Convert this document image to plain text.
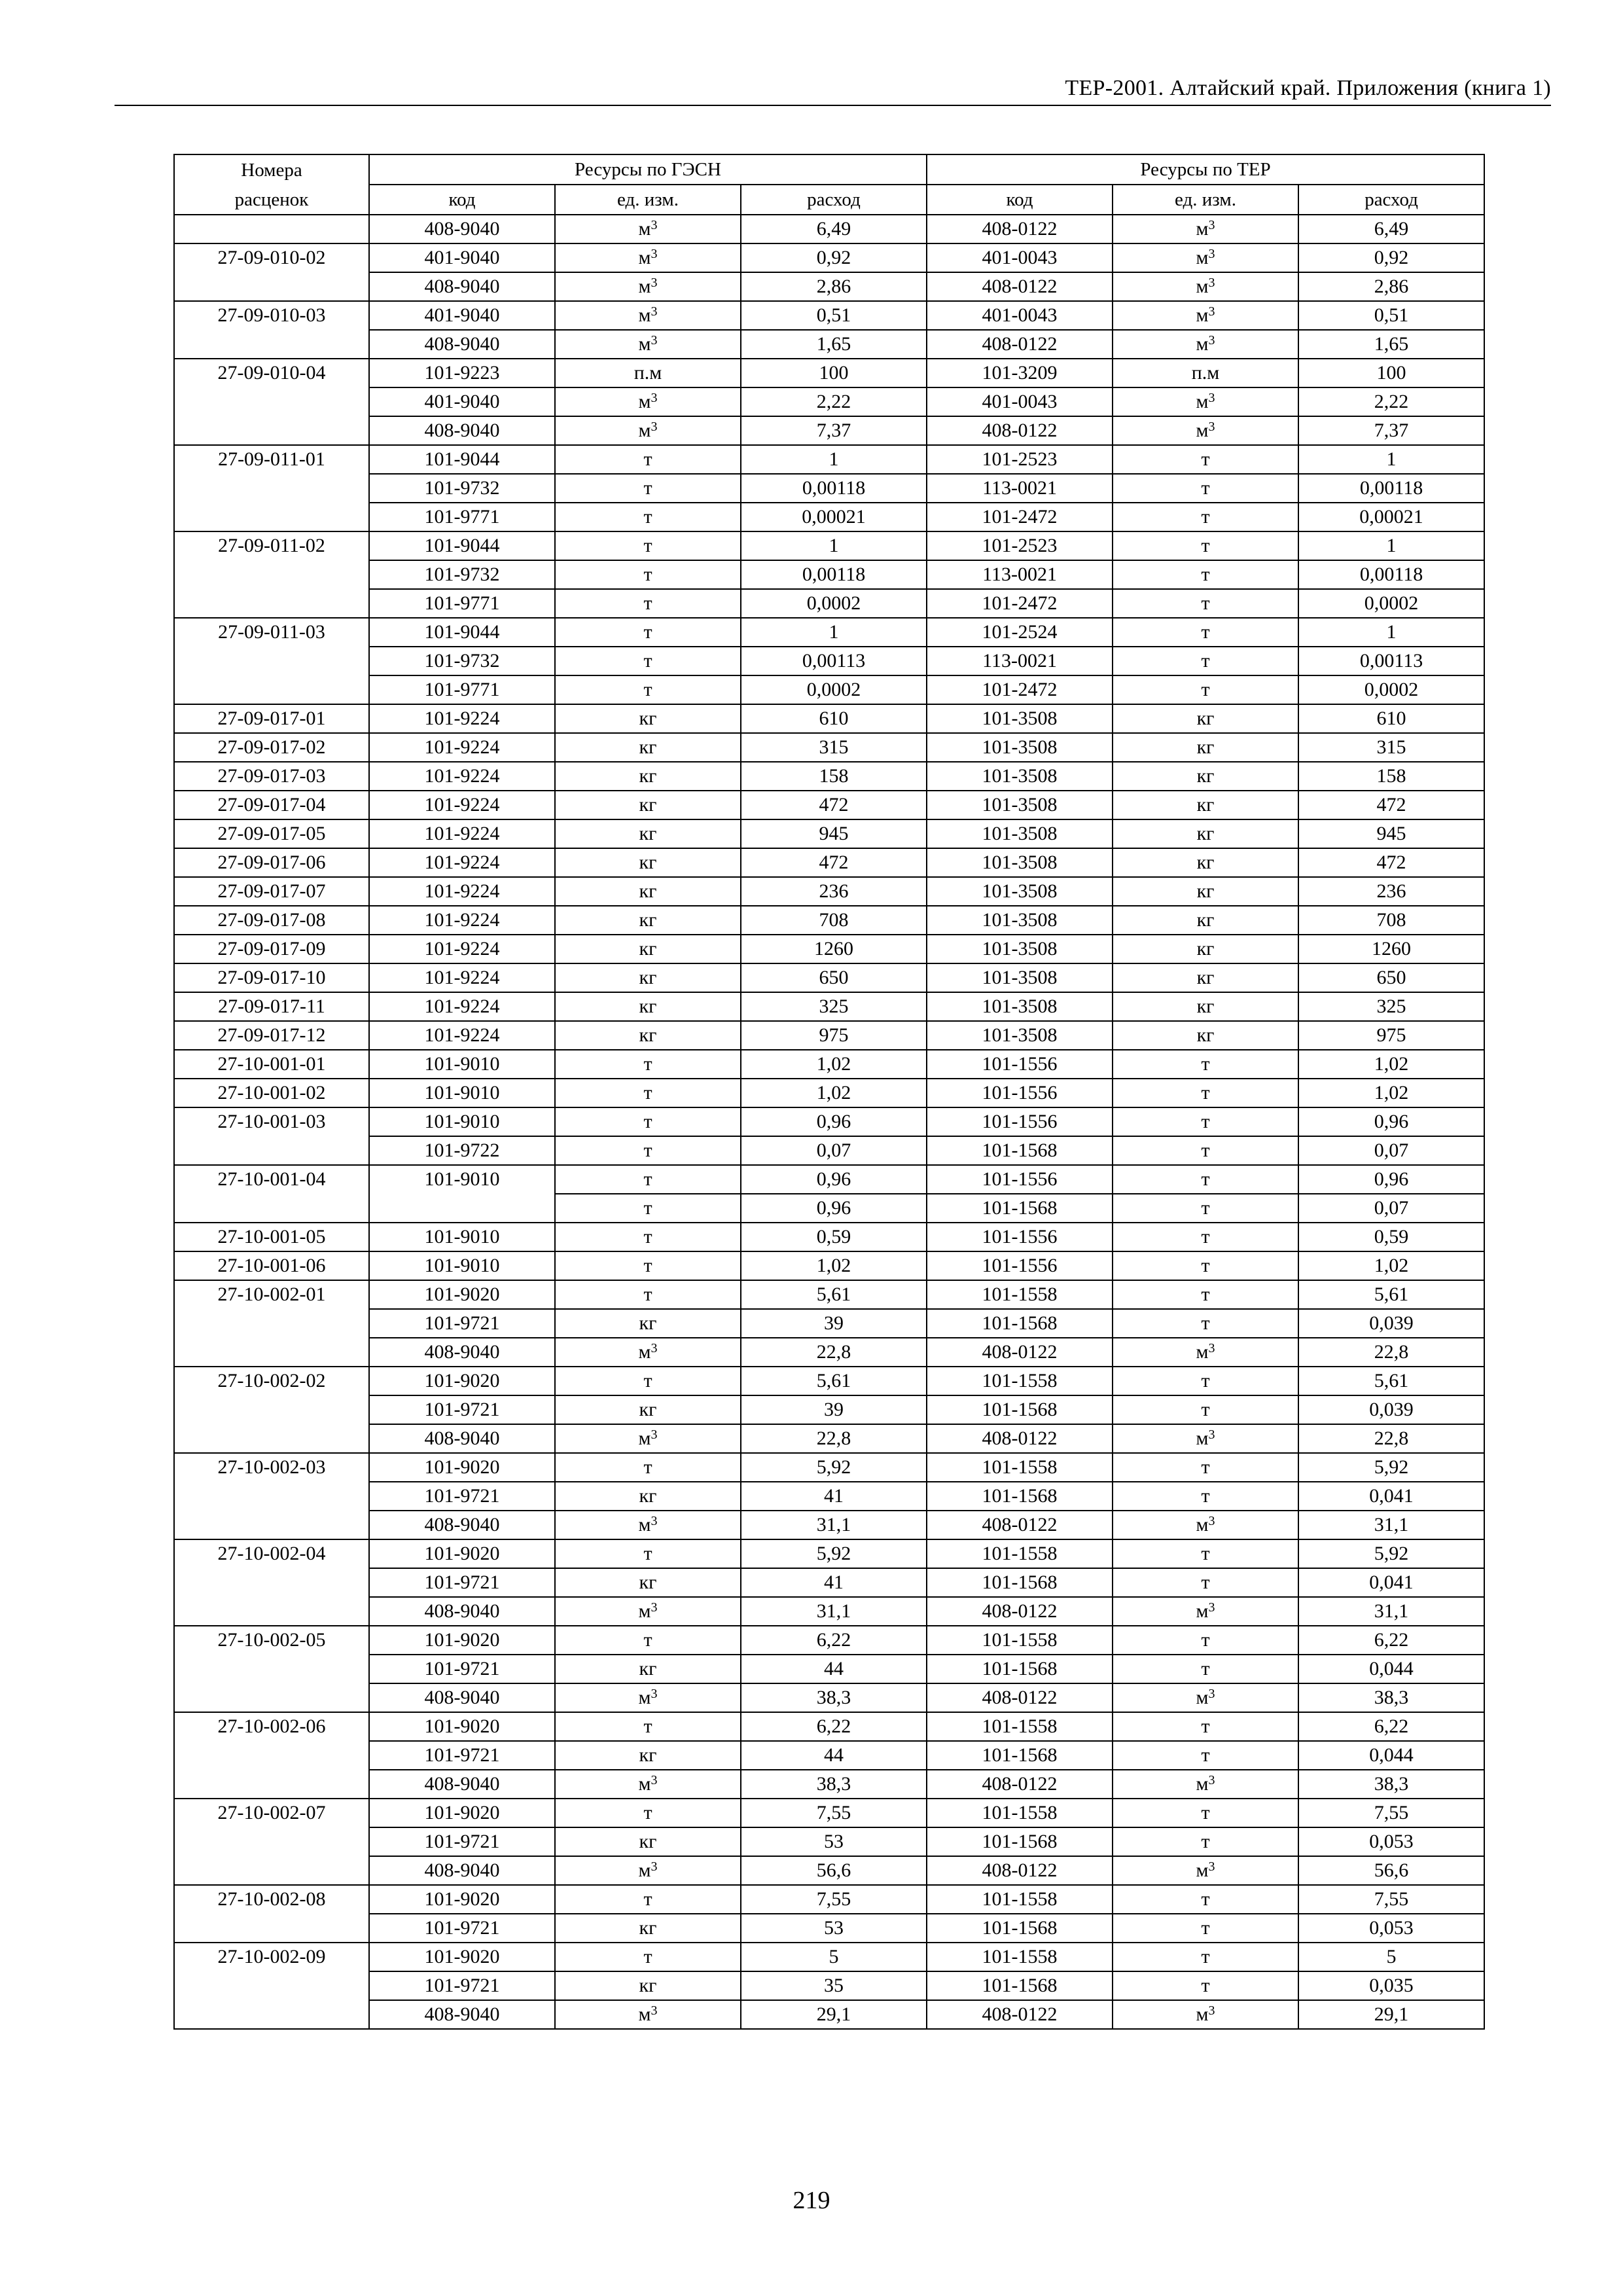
ТЕР-2001. Алтайский край. Приложения (книга 1)
Номера	Ресурсы по ГЭСН			Ресурсы по ТЕР		
расценок	код	ед. изм.	расход	код	ед. изм.	расход
	408-9040	$м^3$	6,49	408-0122	$м^3$	6,49
27-09-010-02	401-9040	$м^3$	0,92	401-0043	$м^3$	0,92
	408-9040	$м^3$	2,86	408-0122	$м^3$	2,86
27-09-010-03	401-9040	$м^3$	0,51	401-0043	$м^3$	0,51
	408-9040	$м^3$	1,65	408-0122	$м^3$	1,65
27-09-010-04	101-9223	п.м	100	101-3209	п.м	100
	401-9040	$м^3$	2,22	401-0043	$м^3$	2,22
	408-9040	$м^3$	7,37	408-0122	$м^3$	7,37
27-09-011-01	101-9044	т	1	101-2523	т	1
	101-9732	т	0,00118	113-0021	т	0,00118
	101-9771	т	0,00021	101-2472	т	0,00021
27-09-011-02	101-9044	т	1	101-2523	т	1
	101-9732	т	0,00118	113-0021	т	0,00118
	101-9771	т	0,0002	101-2472	т	0,0002
27-09-011-03	101-9044	т	1	101-2524	т	1
	101-9732	т	0,00113	113-0021	т	0,00113
	101-9771	т	0,0002	101-2472	т	0,0002
27-09-017-01	101-9224	кг	610	101-3508	кг	610
27-09-017-02	101-9224	кг	315	101-3508	кг	315
27-09-017-03	101-9224	кг	158	101-3508	кг	158
27-09-017-04	101-9224	кг	472	101-3508	кг	472
27-09-017-05	101-9224	кг	945	101-3508	кг	945
27-09-017-06	101-9224	кг	472	101-3508	кг	472
27-09-017-07	101-9224	кг	236	101-3508	кг	236
27-09-017-08	101-9224	кг	708	101-3508	кг	708
27-09-017-09	101-9224	кг	1260	101-3508	кг	1260
27-09-017-10	101-9224	кг	650	101-3508	кг	650
27-09-017-11	101-9224	кг	325	101-3508	кг	325
27-09-017-12	101-9224	кг	975	101-3508	кг	975
27-10-001-01	101-9010	т	1,02	101-1556	т	1,02
27-10-001-02	101-9010	т	1,02	101-1556	т	1,02
27-10-001-03	101-9010	т	0,96	101-1556	т	0,96
	101-9722	т	0,07	101-1568	т	0,07
27-10-001-04	101-9010	т	0,96	101-1556	т	0,96
		т	0,96	101-1568	т	0,07
27-10-001-05	101-9010	т	0,59	101-1556	т	0,59
27-10-001-06	101-9010	т	1,02	101-1556	т	1,02
27-10-002-01	101-9020	т	5,61	101-1558	т	5,61
	101-9721	кг	39	101-1568	т	0,039
	408-9040	$м^3$	22,8	408-0122	$м^3$	22,8
27-10-002-02	101-9020	т	5,61	101-1558	т	5,61
	101-9721	кг	39	101-1568	т	0,039
	408-9040	$м^3$	22,8	408-0122	$м^3$	22,8
27-10-002-03	101-9020	т	5,92	101-1558	т	5,92
	101-9721	кг	41	101-1568	т	0,041
	408-9040	$м^3$	31,1	408-0122	$м^3$	31,1
27-10-002-04	101-9020	т	5,92	101-1558	т	5,92
	101-9721	кг	41	101-1568	т	0,041
	408-9040	$м^3$	31,1	408-0122	$м^3$	31,1
27-10-002-05	101-9020	т	6,22	101-1558	т	6,22
	101-9721	кг	44	101-1568	т	0,044
	408-9040	$м^3$	38,3	408-0122	$м^3$	38,3
27-10-002-06	101-9020	т	6,22	101-1558	т	6,22
	101-9721	кг	44	101-1568	т	0,044
	408-9040	$м^3$	38,3	408-0122	$м^3$	38,3
27-10-002-07	101-9020	т	7,55	101-1558	т	7,55
	101-9721	кг	53	101-1568	т	0,053
	408-9040	$м^3$	56,6	408-0122	$м^3$	56,6
27-10-002-08	101-9020	т	7,55	101-1558	т	7,55
	101-9721	кг	53	101-1568	т	0,053
27-10-002-09	101-9020	т	5	101-1558	т	5
	101-9721	кг	35	101-1568	т	0,035
	408-9040	$м^3$	29,1	408-0122	$м^3$	29,1
219
